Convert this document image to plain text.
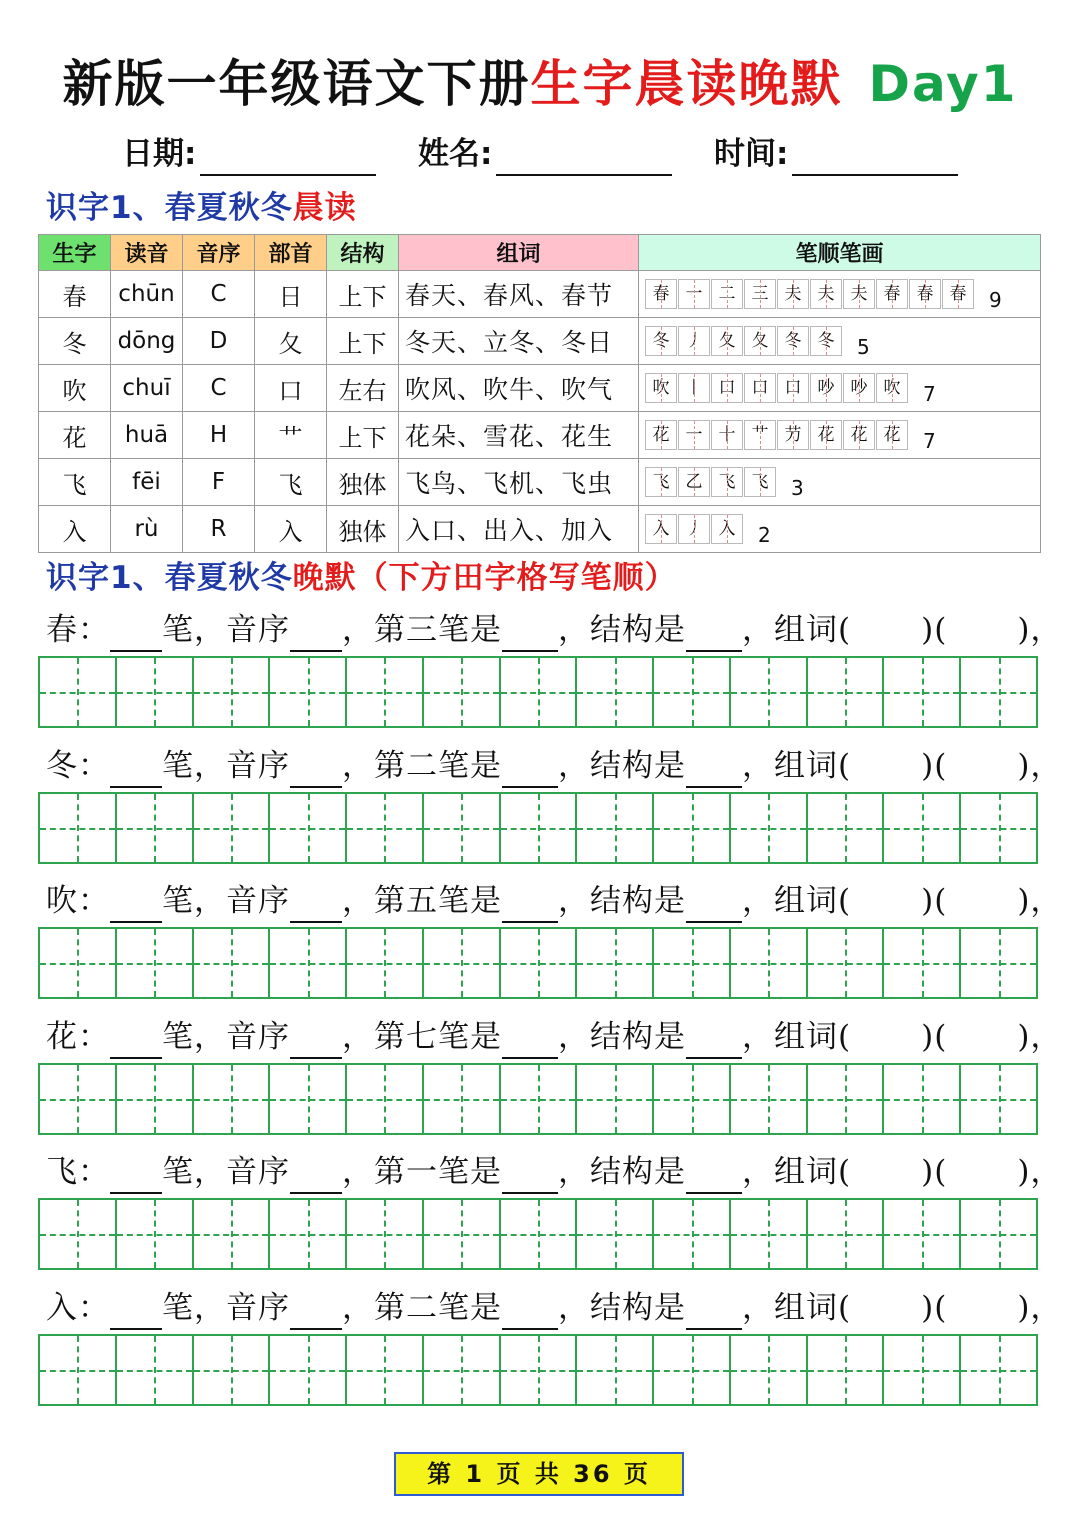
新版一年级语文下册生字晨读晚默 Day1
日期:	姓名:	时间:
识字1、春夏秋冬晨读
生字	读音	音序	部首	结构	组词	笔顺笔画
春	chūn	C	日	上下	春天、春风、春节	春 一 二 三 夫 夫 夫 春 春 春 9
冬	dōng	D	夂	上下	冬天、立冬、冬日	冬 丿 夂 夂 冬 冬 5
吹	chuī	C	口	左右	吹风、吹牛、吹气	吹 丨 口 口 口 吵 吵 吹 7
花	huā	H	艹	上下	花朵、雪花、花生	花 一 十 艹 芀 花 花 花 7
飞	fēi	F	飞	独体	飞鸟、飞机、飞虫	飞 乙 飞 飞 3
入	rù	R	入	独体	入口、出入、加入	入 丿 入 2
识字1、春夏秋冬晚默（下方田字格写笔顺）
春： 笔，音序 ，第三笔是 ，结构是 ，组词( )( )，
冬： 笔，音序 ，第二笔是 ，结构是 ，组词( )( )，
吹： 笔，音序 ，第五笔是 ，结构是 ，组词( )( )，
花： 笔，音序 ，第七笔是 ，结构是 ，组词( )( )，
飞： 笔，音序 ，第一笔是 ，结构是 ，组词( )( )，
入： 笔，音序 ，第二笔是 ，结构是 ，组词( )( )，
第 1 页 共 36 页
